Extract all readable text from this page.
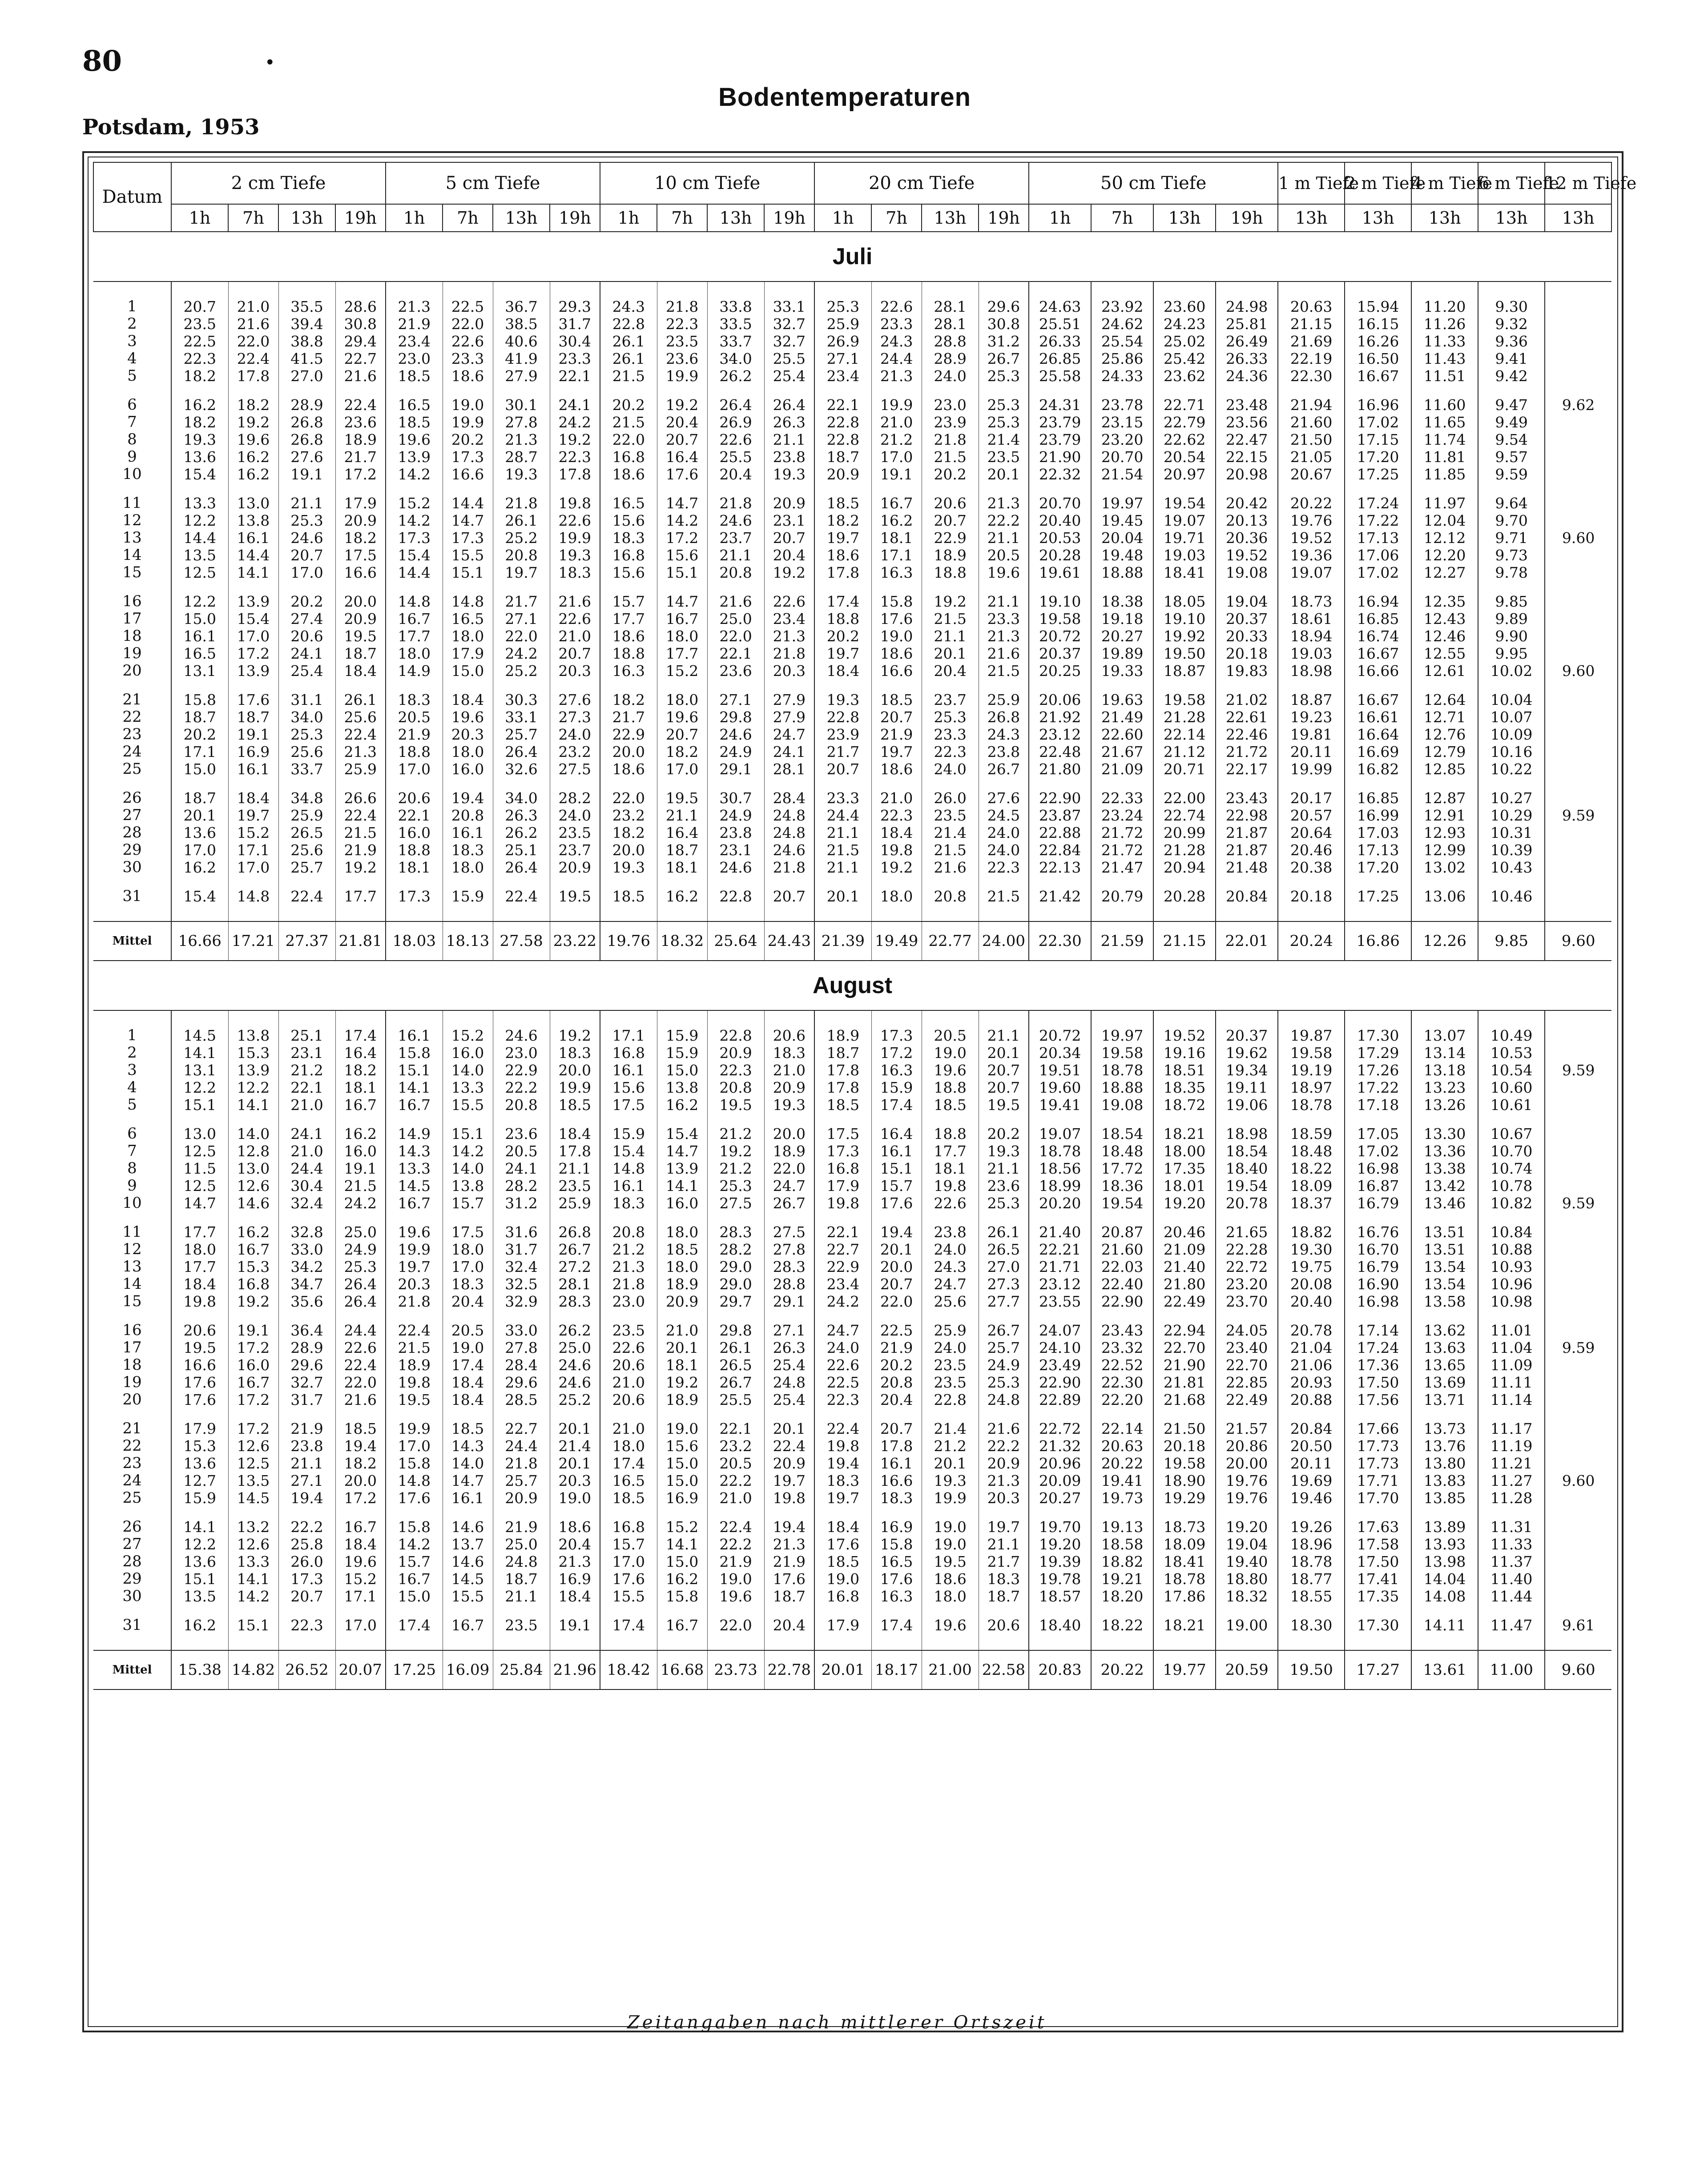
80	•
Potsdam, 1953
Bodentemperaturen
Datum	2 cm Tiefe				5 cm Tiefe				10 cm Tiefe				20 cm Tiefe				50 cm Tiefe				1 m Tiefe	2 m Tiefe	4 m Tiefe	6 m Tiefe	12 m Tiefe
	1h	7h	13h	19h	1h	7h	13h	19h	1h	7h	13h	19h	1h	7h	13h	19h	1h	7h	13h	19h	13h	13h	13h	13h	13h
Juli																									

1	20.7	21.0	35.5	28.6	21.3	22.5	36.7	29.3	24.3	21.8	33.8	33.1	25.3	22.6	28.1	29.6	24.63	23.92	23.60	24.98	20.63	15.94	11.20	9.30	
2	23.5	21.6	39.4	30.8	21.9	22.0	38.5	31.7	22.8	22.3	33.5	32.7	25.9	23.3	28.1	30.8	25.51	24.62	24.23	25.81	21.15	16.15	11.26	9.32	
3	22.5	22.0	38.8	29.4	23.4	22.6	40.6	30.4	26.1	23.5	33.7	32.7	26.9	24.3	28.8	31.2	26.33	25.54	25.02	26.49	21.69	16.26	11.33	9.36	
4	22.3	22.4	41.5	22.7	23.0	23.3	41.9	23.3	26.1	23.6	34.0	25.5	27.1	24.4	28.9	26.7	26.85	25.86	25.42	26.33	22.19	16.50	11.43	9.41	
5	18.2	17.8	27.0	21.6	18.5	18.6	27.9	22.1	21.5	19.9	26.2	25.4	23.4	21.3	24.0	25.3	25.58	24.33	23.62	24.36	22.30	16.67	11.51	9.42	

6	16.2	18.2	28.9	22.4	16.5	19.0	30.1	24.1	20.2	19.2	26.4	26.4	22.1	19.9	23.0	25.3	24.31	23.78	22.71	23.48	21.94	16.96	11.60	9.47	9.62
7	18.2	19.2	26.8	23.6	18.5	19.9	27.8	24.2	21.5	20.4	26.9	26.3	22.8	21.0	23.9	25.3	23.79	23.15	22.79	23.56	21.60	17.02	11.65	9.49	
8	19.3	19.6	26.8	18.9	19.6	20.2	21.3	19.2	22.0	20.7	22.6	21.1	22.8	21.2	21.8	21.4	23.79	23.20	22.62	22.47	21.50	17.15	11.74	9.54	
9	13.6	16.2	27.6	21.7	13.9	17.3	28.7	22.3	16.8	16.4	25.5	23.8	18.7	17.0	21.5	23.5	21.90	20.70	20.54	22.15	21.05	17.20	11.81	9.57	
10	15.4	16.2	19.1	17.2	14.2	16.6	19.3	17.8	18.6	17.6	20.4	19.3	20.9	19.1	20.2	20.1	22.32	21.54	20.97	20.98	20.67	17.25	11.85	9.59	

11	13.3	13.0	21.1	17.9	15.2	14.4	21.8	19.8	16.5	14.7	21.8	20.9	18.5	16.7	20.6	21.3	20.70	19.97	19.54	20.42	20.22	17.24	11.97	9.64	
12	12.2	13.8	25.3	20.9	14.2	14.7	26.1	22.6	15.6	14.2	24.6	23.1	18.2	16.2	20.7	22.2	20.40	19.45	19.07	20.13	19.76	17.22	12.04	9.70	
13	14.4	16.1	24.6	18.2	17.3	17.3	25.2	19.9	18.3	17.2	23.7	20.7	19.7	18.1	22.9	21.1	20.53	20.04	19.71	20.36	19.52	17.13	12.12	9.71	9.60
14	13.5	14.4	20.7	17.5	15.4	15.5	20.8	19.3	16.8	15.6	21.1	20.4	18.6	17.1	18.9	20.5	20.28	19.48	19.03	19.52	19.36	17.06	12.20	9.73	
15	12.5	14.1	17.0	16.6	14.4	15.1	19.7	18.3	15.6	15.1	20.8	19.2	17.8	16.3	18.8	19.6	19.61	18.88	18.41	19.08	19.07	17.02	12.27	9.78	

16	12.2	13.9	20.2	20.0	14.8	14.8	21.7	21.6	15.7	14.7	21.6	22.6	17.4	15.8	19.2	21.1	19.10	18.38	18.05	19.04	18.73	16.94	12.35	9.85	
17	15.0	15.4	27.4	20.9	16.7	16.5	27.1	22.6	17.7	16.7	25.0	23.4	18.8	17.6	21.5	23.3	19.58	19.18	19.10	20.37	18.61	16.85	12.43	9.89	
18	16.1	17.0	20.6	19.5	17.7	18.0	22.0	21.0	18.6	18.0	22.0	21.3	20.2	19.0	21.1	21.3	20.72	20.27	19.92	20.33	18.94	16.74	12.46	9.90	
19	16.5	17.2	24.1	18.7	18.0	17.9	24.2	20.7	18.8	17.7	22.1	21.8	19.7	18.6	20.1	21.6	20.37	19.89	19.50	20.18	19.03	16.67	12.55	9.95	
20	13.1	13.9	25.4	18.4	14.9	15.0	25.2	20.3	16.3	15.2	23.6	20.3	18.4	16.6	20.4	21.5	20.25	19.33	18.87	19.83	18.98	16.66	12.61	10.02	9.60

21	15.8	17.6	31.1	26.1	18.3	18.4	30.3	27.6	18.2	18.0	27.1	27.9	19.3	18.5	23.7	25.9	20.06	19.63	19.58	21.02	18.87	16.67	12.64	10.04	
22	18.7	18.7	34.0	25.6	20.5	19.6	33.1	27.3	21.7	19.6	29.8	27.9	22.8	20.7	25.3	26.8	21.92	21.49	21.28	22.61	19.23	16.61	12.71	10.07	
23	20.2	19.1	25.3	22.4	21.9	20.3	25.7	24.0	22.9	20.7	24.6	24.7	23.9	21.9	23.3	24.3	23.12	22.60	22.14	22.46	19.81	16.64	12.76	10.09	
24	17.1	16.9	25.6	21.3	18.8	18.0	26.4	23.2	20.0	18.2	24.9	24.1	21.7	19.7	22.3	23.8	22.48	21.67	21.12	21.72	20.11	16.69	12.79	10.16	
25	15.0	16.1	33.7	25.9	17.0	16.0	32.6	27.5	18.6	17.0	29.1	28.1	20.7	18.6	24.0	26.7	21.80	21.09	20.71	22.17	19.99	16.82	12.85	10.22	

26	18.7	18.4	34.8	26.6	20.6	19.4	34.0	28.2	22.0	19.5	30.7	28.4	23.3	21.0	26.0	27.6	22.90	22.33	22.00	23.43	20.17	16.85	12.87	10.27	
27	20.1	19.7	25.9	22.4	22.1	20.8	26.3	24.0	23.2	21.1	24.9	24.8	24.4	22.3	23.5	24.5	23.87	23.24	22.74	22.98	20.57	16.99	12.91	10.29	9.59
28	13.6	15.2	26.5	21.5	16.0	16.1	26.2	23.5	18.2	16.4	23.8	24.8	21.1	18.4	21.4	24.0	22.88	21.72	20.99	21.87	20.64	17.03	12.93	10.31	
29	17.0	17.1	25.6	21.9	18.8	18.3	25.1	23.7	20.0	18.7	23.1	24.6	21.5	19.8	21.5	24.0	22.84	21.72	21.28	21.87	20.46	17.13	12.99	10.39	
30	16.2	17.0	25.7	19.2	18.1	18.0	26.4	20.9	19.3	18.1	24.6	21.8	21.1	19.2	21.6	22.3	22.13	21.47	20.94	21.48	20.38	17.20	13.02	10.43	

31	15.4	14.8	22.4	17.7	17.3	15.9	22.4	19.5	18.5	16.2	22.8	20.7	20.1	18.0	20.8	21.5	21.42	20.79	20.28	20.84	20.18	17.25	13.06	10.46	

Mittel	16.66	17.21	27.37	21.81	18.03	18.13	27.58	23.22	19.76	18.32	25.64	24.43	21.39	19.49	22.77	24.00	22.30	21.59	21.15	22.01	20.24	16.86	12.26	9.85	9.60
August																									

1	14.5	13.8	25.1	17.4	16.1	15.2	24.6	19.2	17.1	15.9	22.8	20.6	18.9	17.3	20.5	21.1	20.72	19.97	19.52	20.37	19.87	17.30	13.07	10.49	
2	14.1	15.3	23.1	16.4	15.8	16.0	23.0	18.3	16.8	15.9	20.9	18.3	18.7	17.2	19.0	20.1	20.34	19.58	19.16	19.62	19.58	17.29	13.14	10.53	
3	13.1	13.9	21.2	18.2	15.1	14.0	22.9	20.0	16.1	15.0	22.3	21.0	17.8	16.3	19.6	20.7	19.51	18.78	18.51	19.34	19.19	17.26	13.18	10.54	9.59
4	12.2	12.2	22.1	18.1	14.1	13.3	22.2	19.9	15.6	13.8	20.8	20.9	17.8	15.9	18.8	20.7	19.60	18.88	18.35	19.11	18.97	17.22	13.23	10.60	
5	15.1	14.1	21.0	16.7	16.7	15.5	20.8	18.5	17.5	16.2	19.5	19.3	18.5	17.4	18.5	19.5	19.41	19.08	18.72	19.06	18.78	17.18	13.26	10.61	

6	13.0	14.0	24.1	16.2	14.9	15.1	23.6	18.4	15.9	15.4	21.2	20.0	17.5	16.4	18.8	20.2	19.07	18.54	18.21	18.98	18.59	17.05	13.30	10.67	
7	12.5	12.8	21.0	16.0	14.3	14.2	20.5	17.8	15.4	14.7	19.2	18.9	17.3	16.1	17.7	19.3	18.78	18.48	18.00	18.54	18.48	17.02	13.36	10.70	
8	11.5	13.0	24.4	19.1	13.3	14.0	24.1	21.1	14.8	13.9	21.2	22.0	16.8	15.1	18.1	21.1	18.56	17.72	17.35	18.40	18.22	16.98	13.38	10.74	
9	12.5	12.6	30.4	21.5	14.5	13.8	28.2	23.5	16.1	14.1	25.3	24.7	17.9	15.7	19.8	23.6	18.99	18.36	18.01	19.54	18.09	16.87	13.42	10.78	
10	14.7	14.6	32.4	24.2	16.7	15.7	31.2	25.9	18.3	16.0	27.5	26.7	19.8	17.6	22.6	25.3	20.20	19.54	19.20	20.78	18.37	16.79	13.46	10.82	9.59

11	17.7	16.2	32.8	25.0	19.6	17.5	31.6	26.8	20.8	18.0	28.3	27.5	22.1	19.4	23.8	26.1	21.40	20.87	20.46	21.65	18.82	16.76	13.51	10.84	
12	18.0	16.7	33.0	24.9	19.9	18.0	31.7	26.7	21.2	18.5	28.2	27.8	22.7	20.1	24.0	26.5	22.21	21.60	21.09	22.28	19.30	16.70	13.51	10.88	
13	17.7	15.3	34.2	25.3	19.7	17.0	32.4	27.2	21.3	18.0	29.0	28.3	22.9	20.0	24.3	27.0	21.71	22.03	21.40	22.72	19.75	16.79	13.54	10.93	
14	18.4	16.8	34.7	26.4	20.3	18.3	32.5	28.1	21.8	18.9	29.0	28.8	23.4	20.7	24.7	27.3	23.12	22.40	21.80	23.20	20.08	16.90	13.54	10.96	
15	19.8	19.2	35.6	26.4	21.8	20.4	32.9	28.3	23.0	20.9	29.7	29.1	24.2	22.0	25.6	27.7	23.55	22.90	22.49	23.70	20.40	16.98	13.58	10.98	

16	20.6	19.1	36.4	24.4	22.4	20.5	33.0	26.2	23.5	21.0	29.8	27.1	24.7	22.5	25.9	26.7	24.07	23.43	22.94	24.05	20.78	17.14	13.62	11.01	
17	19.5	17.2	28.9	22.6	21.5	19.0	27.8	25.0	22.6	20.1	26.1	26.3	24.0	21.9	24.0	25.7	24.10	23.32	22.70	23.40	21.04	17.24	13.63	11.04	9.59
18	16.6	16.0	29.6	22.4	18.9	17.4	28.4	24.6	20.6	18.1	26.5	25.4	22.6	20.2	23.5	24.9	23.49	22.52	21.90	22.70	21.06	17.36	13.65	11.09	
19	17.6	16.7	32.7	22.0	19.8	18.4	29.6	24.6	21.0	19.2	26.7	24.8	22.5	20.8	23.5	25.3	22.90	22.30	21.81	22.85	20.93	17.50	13.69	11.11	
20	17.6	17.2	31.7	21.6	19.5	18.4	28.5	25.2	20.6	18.9	25.5	25.4	22.3	20.4	22.8	24.8	22.89	22.20	21.68	22.49	20.88	17.56	13.71	11.14	

21	17.9	17.2	21.9	18.5	19.9	18.5	22.7	20.1	21.0	19.0	22.1	20.1	22.4	20.7	21.4	21.6	22.72	22.14	21.50	21.57	20.84	17.66	13.73	11.17	
22	15.3	12.6	23.8	19.4	17.0	14.3	24.4	21.4	18.0	15.6	23.2	22.4	19.8	17.8	21.2	22.2	21.32	20.63	20.18	20.86	20.50	17.73	13.76	11.19	
23	13.6	12.5	21.1	18.2	15.8	14.0	21.8	20.1	17.4	15.0	20.5	20.9	19.4	16.1	20.1	20.9	20.96	20.22	19.58	20.00	20.11	17.73	13.80	11.21	
24	12.7	13.5	27.1	20.0	14.8	14.7	25.7	20.3	16.5	15.0	22.2	19.7	18.3	16.6	19.3	21.3	20.09	19.41	18.90	19.76	19.69	17.71	13.83	11.27	9.60
25	15.9	14.5	19.4	17.2	17.6	16.1	20.9	19.0	18.5	16.9	21.0	19.8	19.7	18.3	19.9	20.3	20.27	19.73	19.29	19.76	19.46	17.70	13.85	11.28	

26	14.1	13.2	22.2	16.7	15.8	14.6	21.9	18.6	16.8	15.2	22.4	19.4	18.4	16.9	19.0	19.7	19.70	19.13	18.73	19.20	19.26	17.63	13.89	11.31	
27	12.2	12.6	25.8	18.4	14.2	13.7	25.0	20.4	15.7	14.1	22.2	21.3	17.6	15.8	19.0	21.1	19.20	18.58	18.09	19.04	18.96	17.58	13.93	11.33	
28	13.6	13.3	26.0	19.6	15.7	14.6	24.8	21.3	17.0	15.0	21.9	21.9	18.5	16.5	19.5	21.7	19.39	18.82	18.41	19.40	18.78	17.50	13.98	11.37	
29	15.1	14.1	17.3	15.2	16.7	14.5	18.7	16.9	17.6	16.2	19.0	17.6	19.0	17.6	18.6	18.3	19.78	19.21	18.78	18.80	18.77	17.41	14.04	11.40	
30	13.5	14.2	20.7	17.1	15.0	15.5	21.1	18.4	15.5	15.8	19.6	18.7	16.8	16.3	18.0	18.7	18.57	18.20	17.86	18.32	18.55	17.35	14.08	11.44	

31	16.2	15.1	22.3	17.0	17.4	16.7	23.5	19.1	17.4	16.7	22.0	20.4	17.9	17.4	19.6	20.6	18.40	18.22	18.21	19.00	18.30	17.30	14.11	11.47	9.61

Mittel	15.38	14.82	26.52	20.07	17.25	16.09	25.84	21.96	18.42	16.68	23.73	22.78	20.01	18.17	21.00	22.58	20.83	20.22	19.77	20.59	19.50	17.27	13.61	11.00	9.60
Zeitangaben nach mittlerer Ortszeit
